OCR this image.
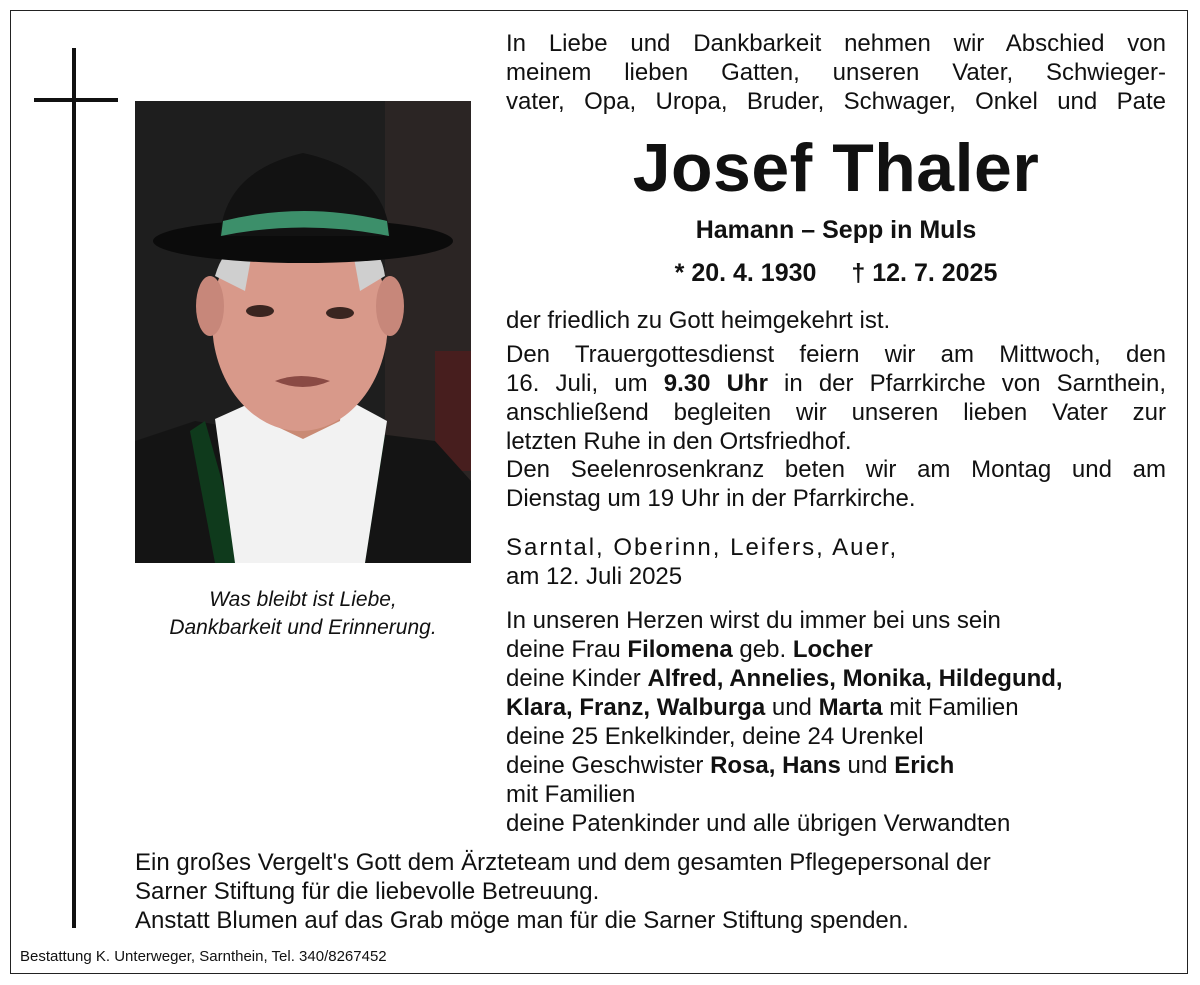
Was bleibt ist Liebe,
Dankbarkeit und Erinnerung.
In Liebe und Dankbarkeit nehmen wir Abschied von
meinem lieben Gatten, unseren Vater, Schwieger-
vater, Opa, Uropa, Bruder, Schwager, Onkel und Pate
Josef Thaler
Hamann – Sepp in Muls
* 20. 4. 1930 † 12. 7. 2025
der friedlich zu Gott heimgekehrt ist.
Den Trauergottesdienst feiern wir am Mittwoch, den
16. Juli, um 9.30 Uhr in der Pfarrkirche von Sarnthein,
anschließend begleiten wir unseren lieben Vater zur
letzten Ruhe in den Ortsfriedhof.
Den Seelenrosenkranz beten wir am Montag und am
Dienstag um 19 Uhr in der Pfarrkirche.
Sarntal, Oberinn, Leifers, Auer,
am 12. Juli 2025
In unseren Herzen wirst du immer bei uns sein
deine Frau Filomena geb. Locher
deine Kinder Alfred, Annelies, Monika, Hildegund,
Klara, Franz, Walburga und Marta mit Familien
deine 25 Enkelkinder, deine 24 Urenkel
deine Geschwister Rosa, Hans und Erich
mit Familien
deine Patenkinder und alle übrigen Verwandten
Ein großes Vergelt's Gott dem Ärzteteam und dem gesamten Pflegepersonal der
Sarner Stiftung für die liebevolle Betreuung.
Anstatt Blumen auf das Grab möge man für die Sarner Stiftung spenden.
Bestattung K. Unterweger, Sarnthein, Tel. 340/8267452
